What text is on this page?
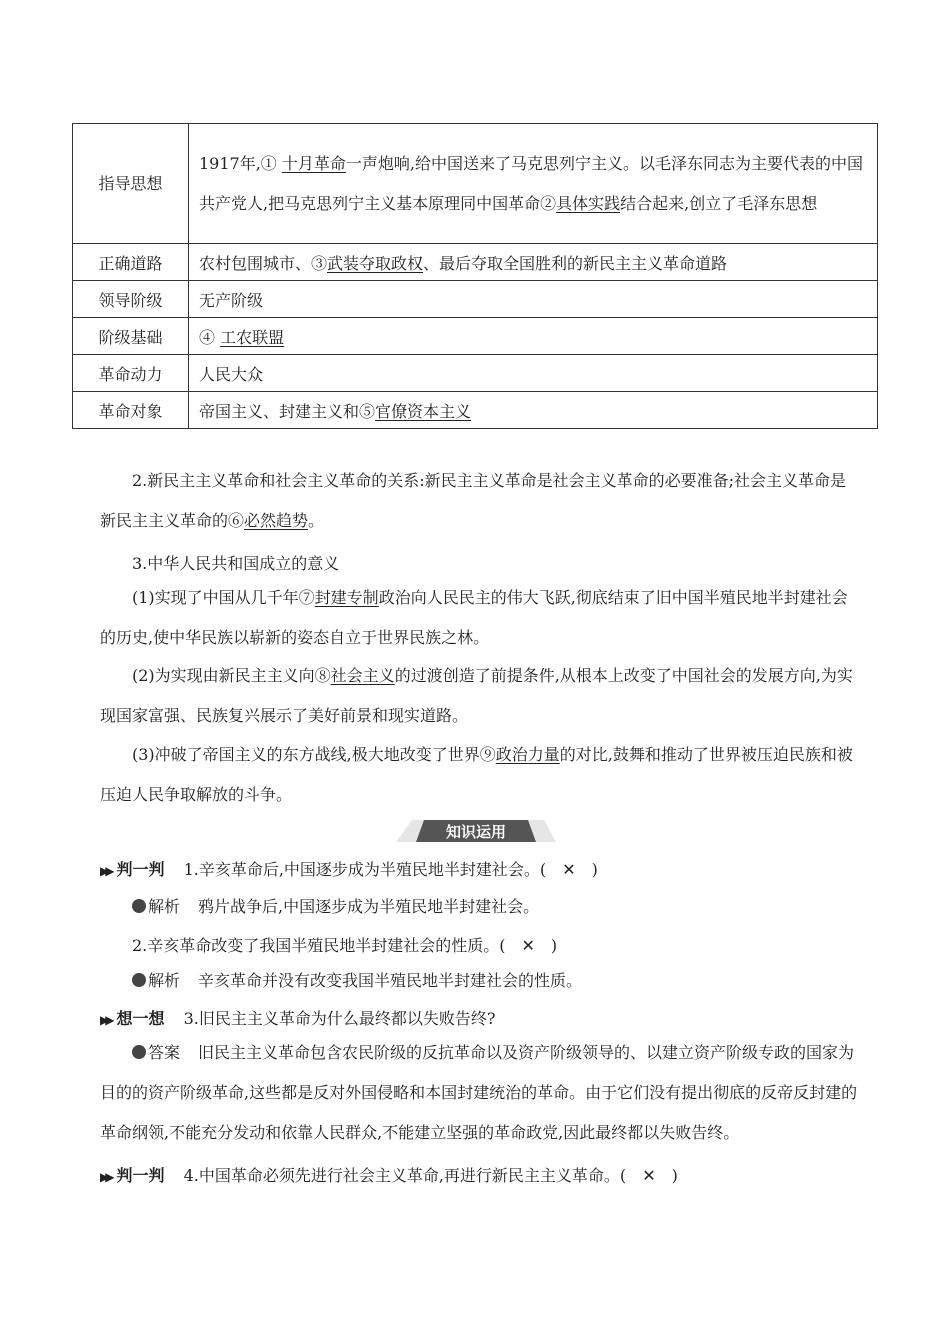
指导思想	1917年,① 十月革命一声炮响,给中国送来了马克思列宁主义。以毛泽东同志为主要代表的中国共产党人,把马克思列宁主义基本原理同中国革命②具体实践结合起来,创立了毛泽东思想
正确道路	农村包围城市、③武装夺取政权、最后夺取全国胜利的新民主主义革命道路
领导阶级	无产阶级
阶级基础	④ 工农联盟
革命动力	人民大众
革命对象	帝国主义、封建主义和⑤官僚资本主义
2.新民主主义革命和社会主义革命的关系:新民主主义革命是社会主义革命的必要准备;社会主义革命是新民主主义革命的⑥必然趋势。
3.中华人民共和国成立的意义
(1)实现了中国从几千年⑦封建专制政治向人民民主的伟大飞跃,彻底结束了旧中国半殖民地半封建社会的历史,使中华民族以崭新的姿态自立于世界民族之林。
(2)为实现由新民主主义向⑧社会主义的过渡创造了前提条件,从根本上改变了中国社会的发展方向,为实现国家富强、民族复兴展示了美好前景和现实道路。
(3)冲破了帝国主义的东方战线,极大地改变了世界⑨政治力量的对比,鼓舞和推动了世界被压迫民族和被压迫人民争取解放的斗争。
知识运用
▶▶ 判一判 1.辛亥革命后,中国逐步成为半殖民地半封建社会。( ✕ )
解析 鸦片战争后,中国逐步成为半殖民地半封建社会。
2.辛亥革命改变了我国半殖民地半封建社会的性质。( ✕ )
解析 辛亥革命并没有改变我国半殖民地半封建社会的性质。
▶▶ 想一想 3.旧民主主义革命为什么最终都以失败告终?
答案 旧民主主义革命包含农民阶级的反抗革命以及资产阶级领导的、以建立资产阶级专政的国家为目的的资产阶级革命,这些都是反对外国侵略和本国封建统治的革命。由于它们没有提出彻底的反帝反封建的革命纲领,不能充分发动和依靠人民群众,不能建立坚强的革命政党,因此最终都以失败告终。
▶▶ 判一判 4.中国革命必须先进行社会主义革命,再进行新民主主义革命。( ✕ )
